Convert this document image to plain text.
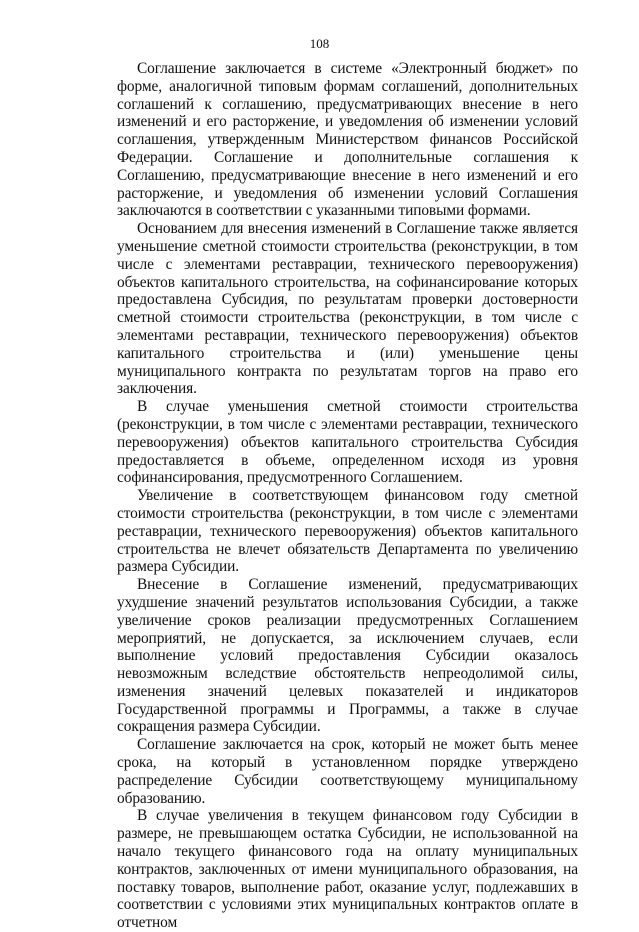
108

Соглашение заключается в системе «Электронный бюджет» по форме, аналогичной типовым формам соглашений, дополнительных соглашений к соглашению, предусматривающих внесение в него изменений и его расторжение, и уведомления об изменении условий соглашения, утвержденным Министерством финансов Российской Федерации. Соглашение и дополнительные соглашения к Соглашению, предусматривающие внесение в него изменений и его расторжение, и уведомления об изменении условий Соглашения заключаются в соответствии с указанными типовыми формами.

Основанием для внесения изменений в Соглашение также является уменьшение сметной стоимости строительства (реконструкции, в том числе с элементами реставрации, технического перевооружения) объектов капитального строительства, на софинансирование которых предоставлена Субсидия, по результатам проверки достоверности сметной стоимости строительства (реконструкции, в том числе с элементами реставрации, технического перевооружения) объектов капитального строительства и (или) уменьшение цены муниципального контракта по результатам торгов на право его заключения.

В случае уменьшения сметной стоимости строительства (реконструкции, в том числе с элементами реставрации, технического перевооружения) объектов капитального строительства Субсидия предоставляется в объеме, определенном исходя из уровня софинансирования, предусмотренного Соглашением.

Увеличение в соответствующем финансовом году сметной стоимости строительства (реконструкции, в том числе с элементами реставрации, технического перевооружения) объектов капитального строительства не влечет обязательств Департамента по увеличению размера Субсидии.

Внесение в Соглашение изменений, предусматривающих ухудшение значений результатов использования Субсидии, а также увеличение сроков реализации предусмотренных Соглашением мероприятий, не допускается, за исключением случаев, если выполнение условий предоставления Субсидии оказалось невозможным вследствие обстоятельств непреодолимой силы, изменения значений целевых показателей и индикаторов Государственной программы и Программы, а также в случае сокращения размера Субсидии.

Соглашение заключается на срок, который не может быть менее срока, на который в установленном порядке утверждено распределение Субсидии соответствующему муниципальному образованию.

В случае увеличения в текущем финансовом году Субсидии в размере, не превышающем остатка Субсидии, не использованной на начало текущего финансового года на оплату муниципальных контрактов, заключенных от имени муниципального образования, на поставку товаров, выполнение работ, оказание услуг, подлежавших в соответствии с условиями этих муниципальных контрактов оплате в отчетном
